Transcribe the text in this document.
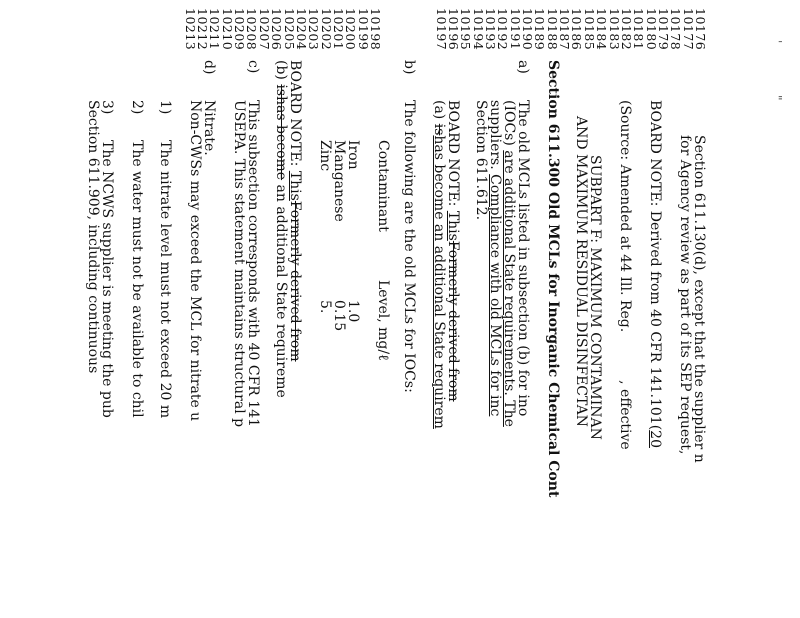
'
"
10176
10177
10178
10179
10180
10181
10182
10183
10184
10185
10186
10187
10188
10189
10190
10191
10192
10193
10194
10195
10196
10197
10198
10199
10200
10201
10202
10203
10204
10205
10206
10207
10208
10209
10210
10211
10212
10213
Section 611.130(d), except that the supplier n
for Agency review as part of its SEP request,
BOARD NOTE: Derived from 40 CFR 141.101(20
(Source: Amended at 44 Ill. Reg., effective
SUBPART F: MAXIMUM CONTAMINAN
AND MAXIMUM RESIDUAL DISINFECTAN
Section 611.300 Old MCLs for Inorganic Chemical Cont
a)
The old MCLs listed in subsection (b) for ino
(IOCs) are additional State requirements. The
suppliers. Compliance with old MCLs for inc
Section 611.612.
BOARD NOTE: ThisFormerly derived from
(a) ishas become an additional State requirem
b)
The following are the old MCLs for IOCs:
Contaminant
Level, mg/ℓ
Iron
1.0
Manganese
0.15
Zinc
5.
BOARD NOTE: ThisFormerly derived from
(b) ishas become an additional State requireme
c)
This subsection corresponds with 40 CFR 141
USEPA. This statement maintains structural p
d)
Nitrate.
Non-CWSs may exceed the MCL for nitrate u
1)
The nitrate level must not exceed 20 m
2)
The water must not be available to chil
3)
The NCWS supplier is meeting the pub
Section 611.909, including continuous
